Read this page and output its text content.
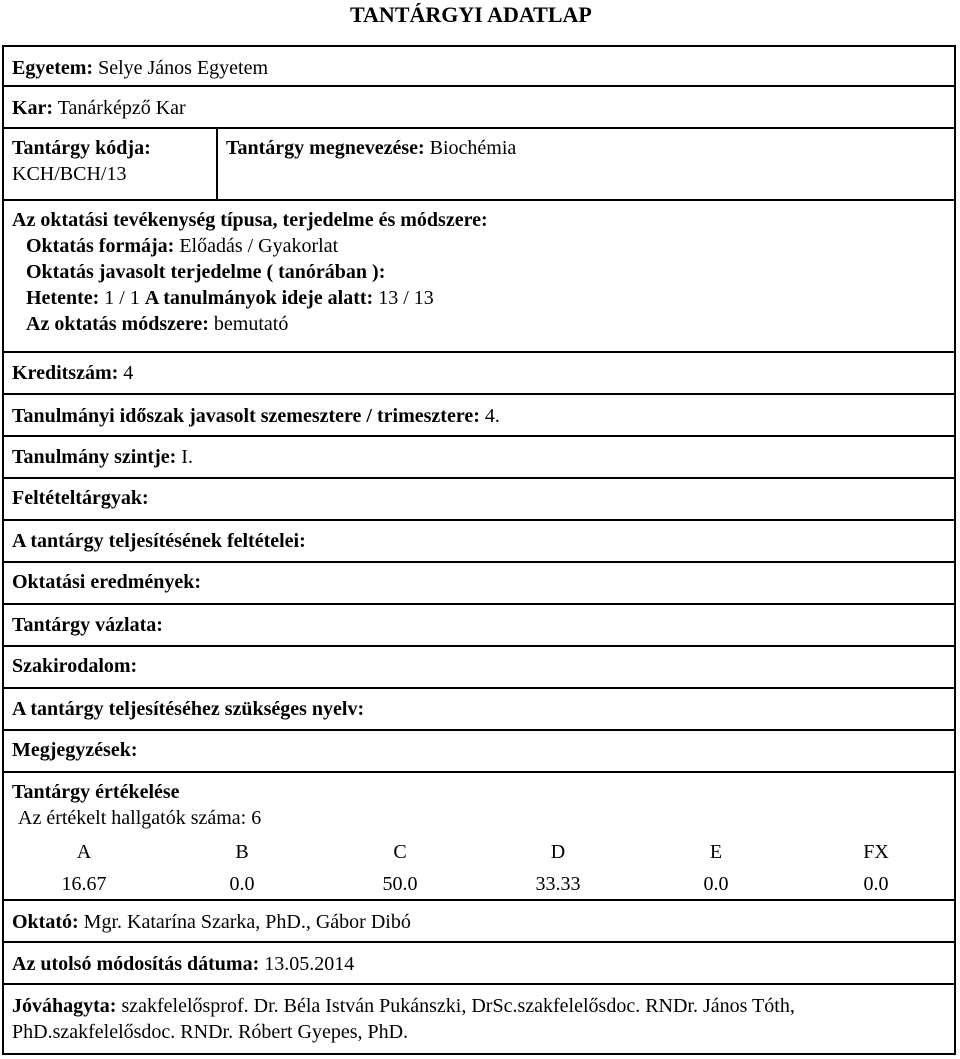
TANTÁRGYI ADATLAP
Egyetem: Selye János Egyetem
Kar: Tanárképző Kar
Tantárgy kódja:
KCH/BCH/13
Tantárgy megnevezése: Biochémia
Az oktatási tevékenység típusa, terjedelme és módszere:
Oktatás formája: Előadás / Gyakorlat
Oktatás javasolt terjedelme ( tanórában ):
Hetente: 1 / 1 A tanulmányok ideje alatt: 13 / 13
Az oktatás módszere: bemutató
Kreditszám: 4
Tanulmányi időszak javasolt szemesztere / trimesztere: 4.
Tanulmány szintje: I.
Feltételtárgyak:
A tantárgy teljesítésének feltételei:
Oktatási eredmények:
Tantárgy vázlata:
Szakirodalom:
A tantárgy teljesítéséhez szükséges nyelv:
Megjegyzések:
Tantárgy értékelése
Az értékelt hallgatók száma: 6
A	B	C	D	E	FX
16.67	0.0	50.0	33.33	0.0	0.0
Oktató: Mgr. Katarína Szarka, PhD., Gábor Dibó
Az utolsó módosítás dátuma: 13.05.2014
Jóváhagyta: szakfelelősprof. Dr. Béla István Pukánszki, DrSc.szakfelelősdoc. RNDr. János Tóth,
PhD.szakfelelősdoc. RNDr. Róbert Gyepes, PhD.
